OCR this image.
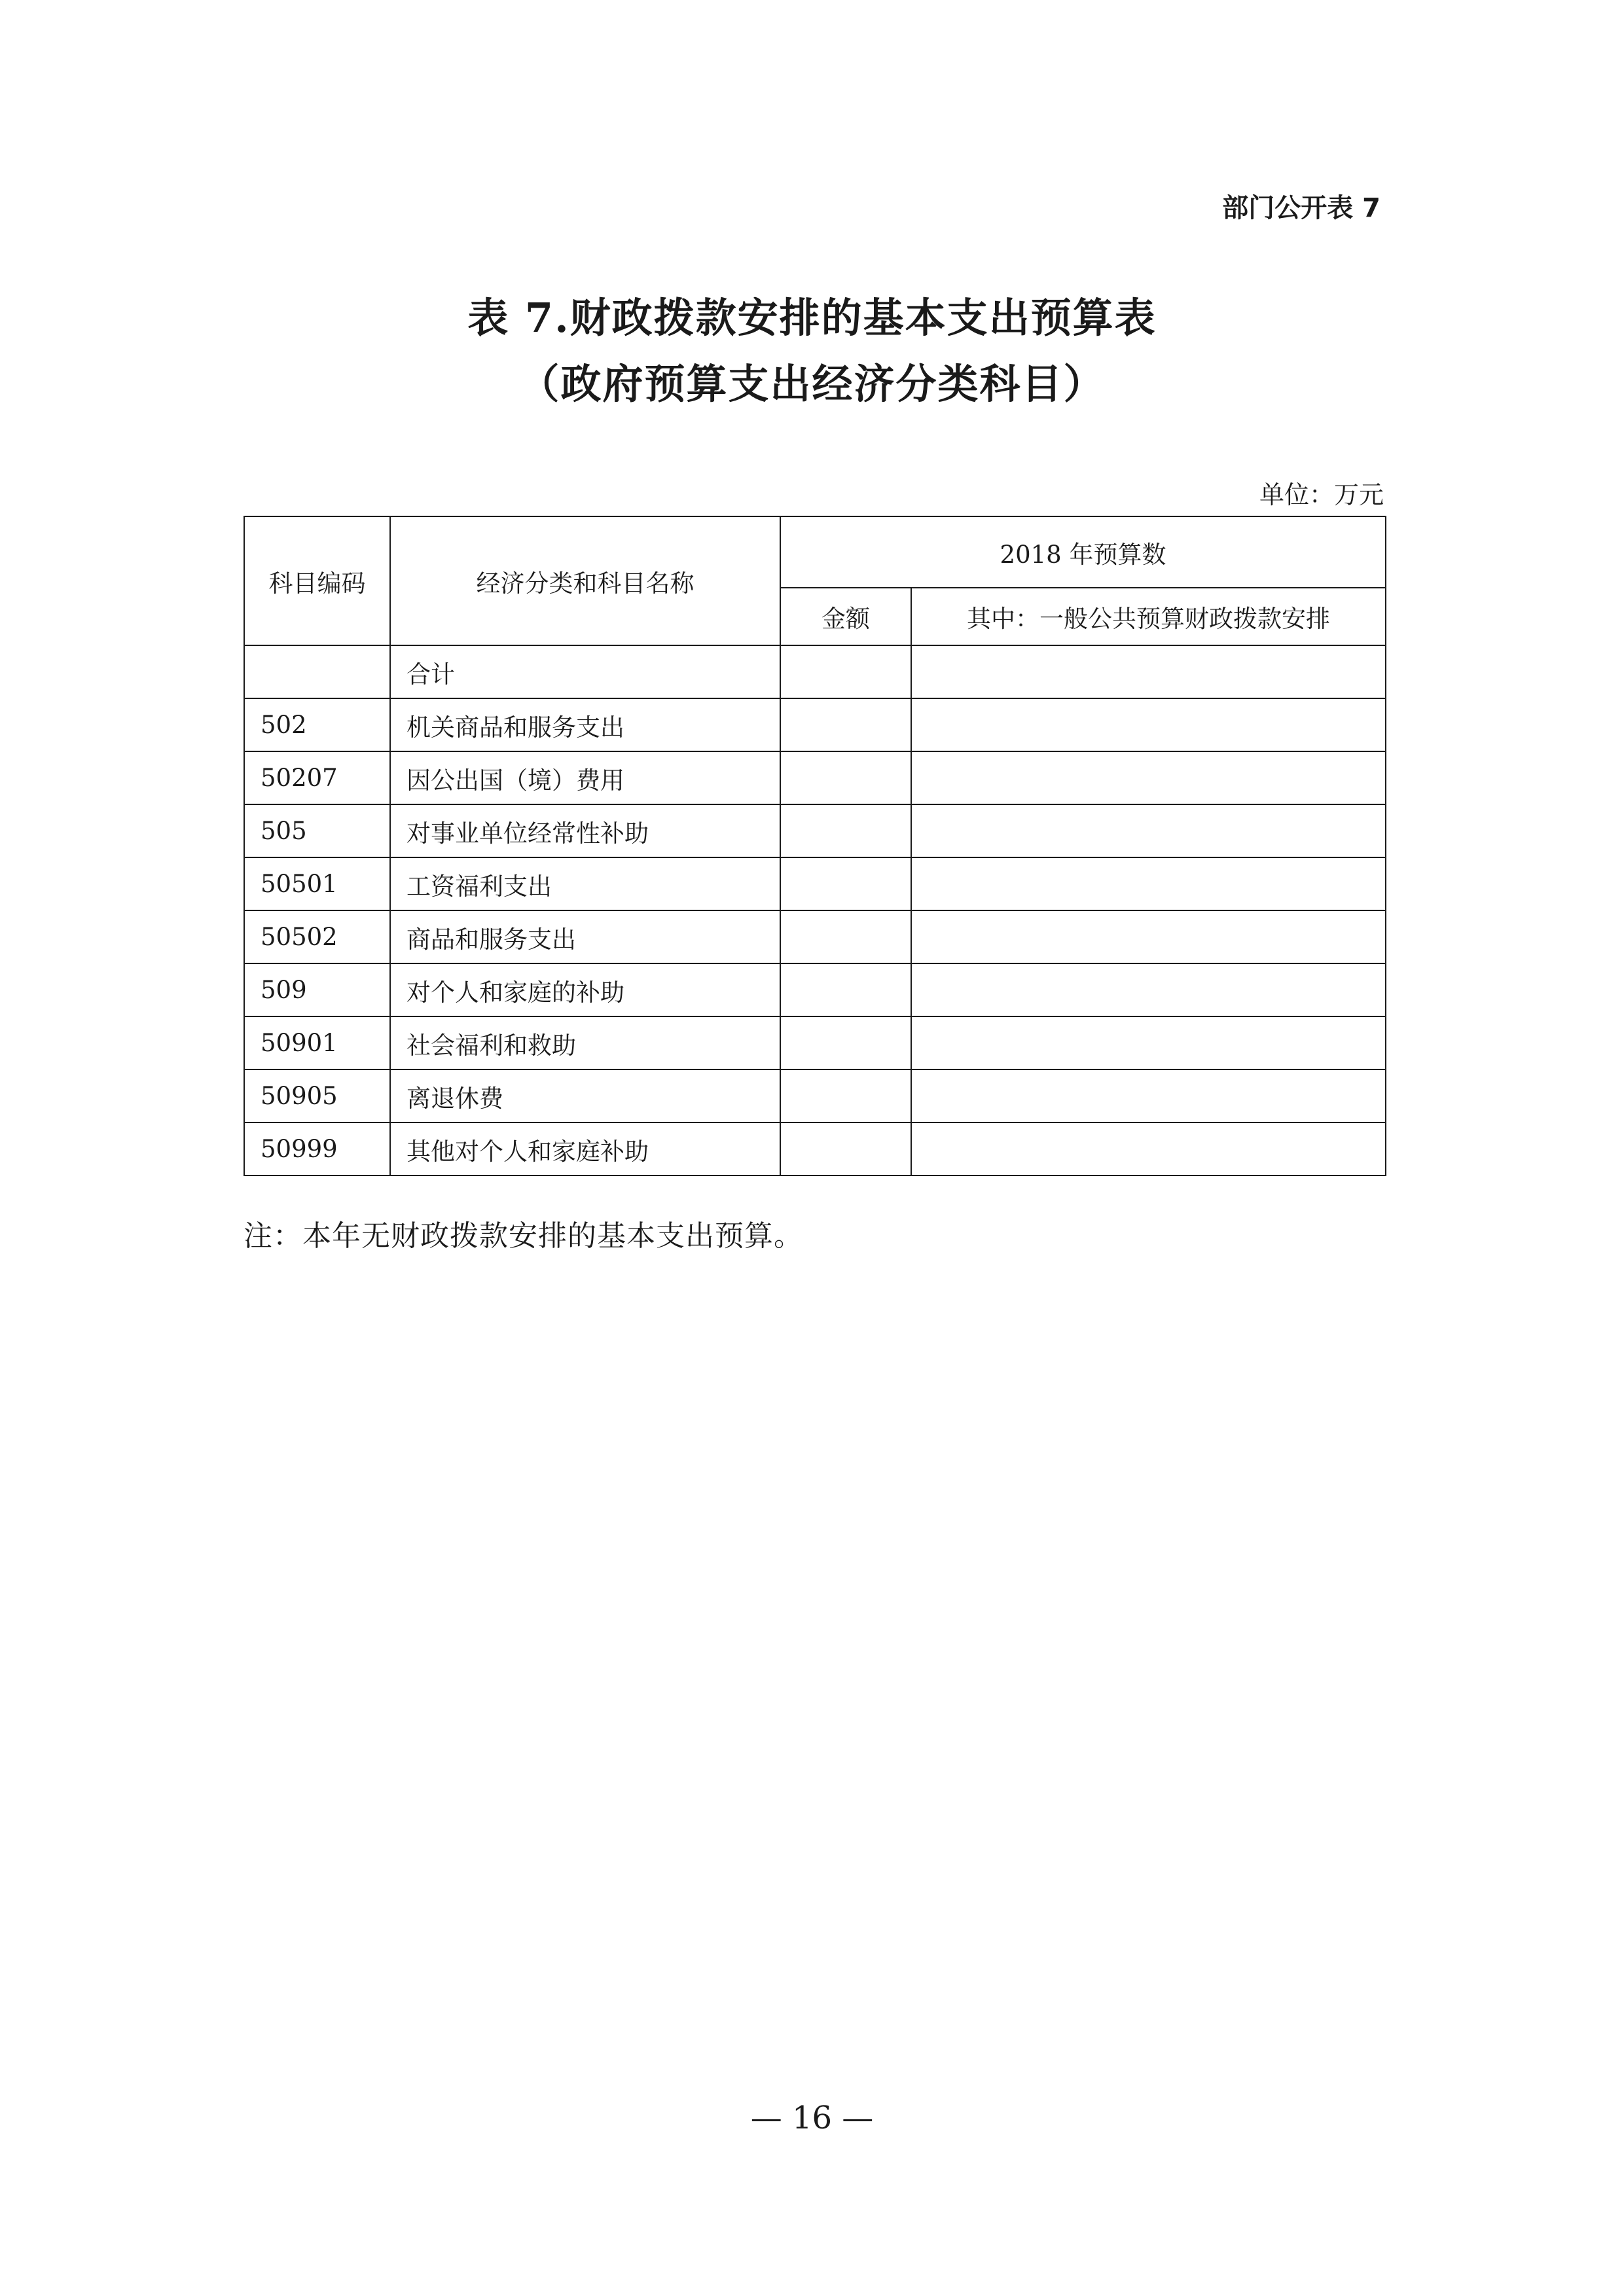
部门公开表 7
表 7.财政拨款安排的基本支出预算表
（政府预算支出经济分类科目）
单位：万元
科目编码	经济分类和科目名称	2018 年预算数	
		金额	其中：一般公共预算财政拨款安排
	合计		
502	机关商品和服务支出		
50207	因公出国（境）费用		
505	对事业单位经常性补助		
50501	工资福利支出		
50502	商品和服务支出		
509	对个人和家庭的补助		
50901	社会福利和救助		
50905	离退休费		
50999	其他对个人和家庭补助		
注：本年无财政拨款安排的基本支出预算。
— 16 —
